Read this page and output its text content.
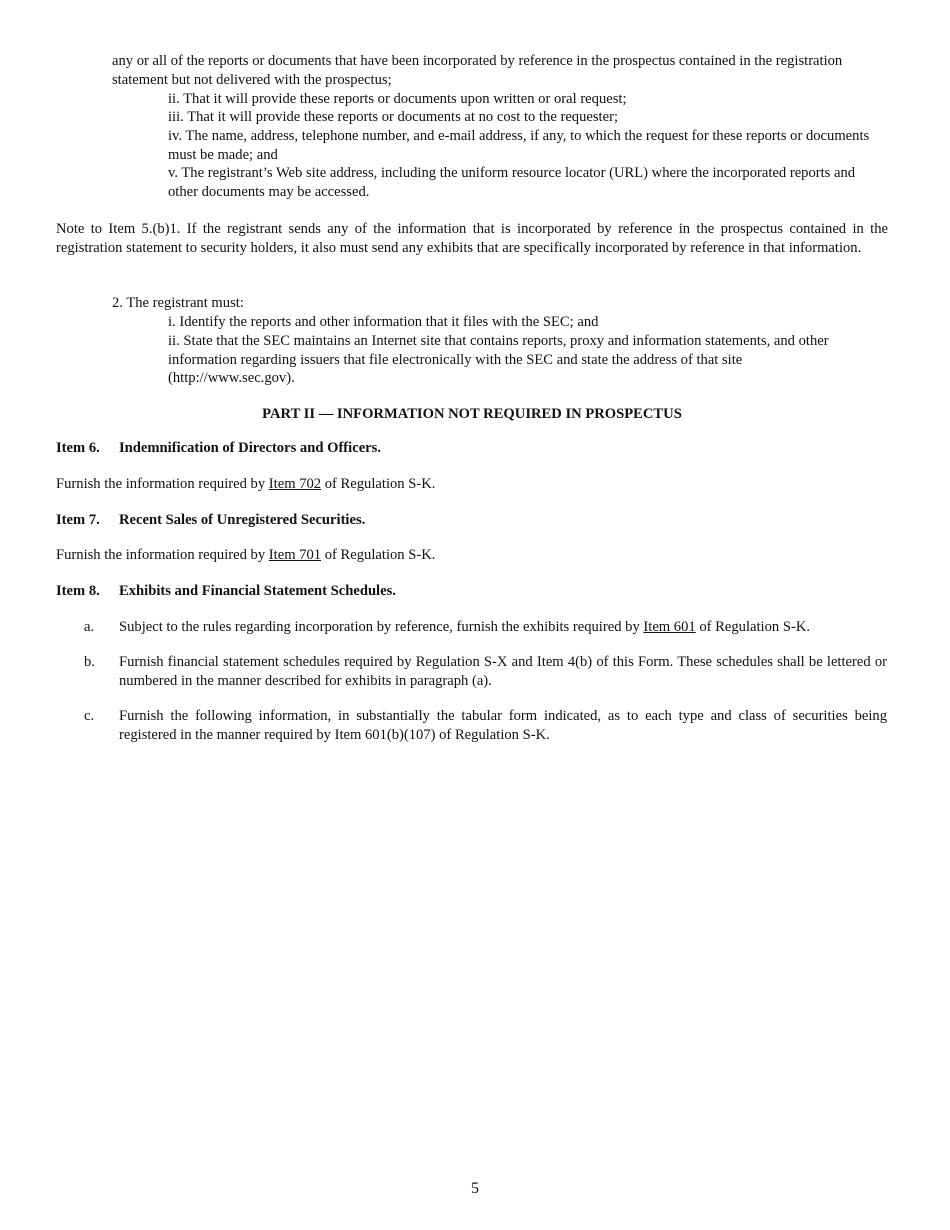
any or all of the reports or documents that have been incorporated by reference in the prospectus contained in the registration statement but not delivered with the prospectus;

ii. That it will provide these reports or documents upon written or oral request;

iii. That it will provide these reports or documents at no cost to the requester;

iv. The name, address, telephone number, and e-mail address, if any, to which the request for these reports or documents must be made; and

v. The registrant’s Web site address, including the uniform resource locator (URL) where the incorporated reports and other documents may be accessed.

Note to Item 5.(b)1. If the registrant sends any of the information that is incorporated by reference in the prospectus contained in the registration statement to security holders, it also must send any exhibits that are specifically incorporated by reference in that information.

2. The registrant must:

i. Identify the reports and other information that it files with the SEC; and

ii. State that the SEC maintains an Internet site that contains reports, proxy and information statements, and other information regarding issuers that file electronically with the SEC and state the address of that site (http://www.sec.gov).

PART II — INFORMATION NOT REQUIRED IN PROSPECTUS

Item 6. Indemnification of Directors and Officers.

Furnish the information required by Item 702 of Regulation S-K.

Item 7. Recent Sales of Unregistered Securities.

Furnish the information required by Item 701 of Regulation S-K.

Item 8. Exhibits and Financial Statement Schedules.

a. Subject to the rules regarding incorporation by reference, furnish the exhibits required by Item 601 of Regulation S-K.

b. Furnish financial statement schedules required by Regulation S-X and Item 4(b) of this Form. These schedules shall be lettered or numbered in the manner described for exhibits in paragraph (a).

c. Furnish the following information, in substantially the tabular form indicated, as to each type and class of securities being registered in the manner required by Item 601(b)(107) of Regulation S-K.

5
